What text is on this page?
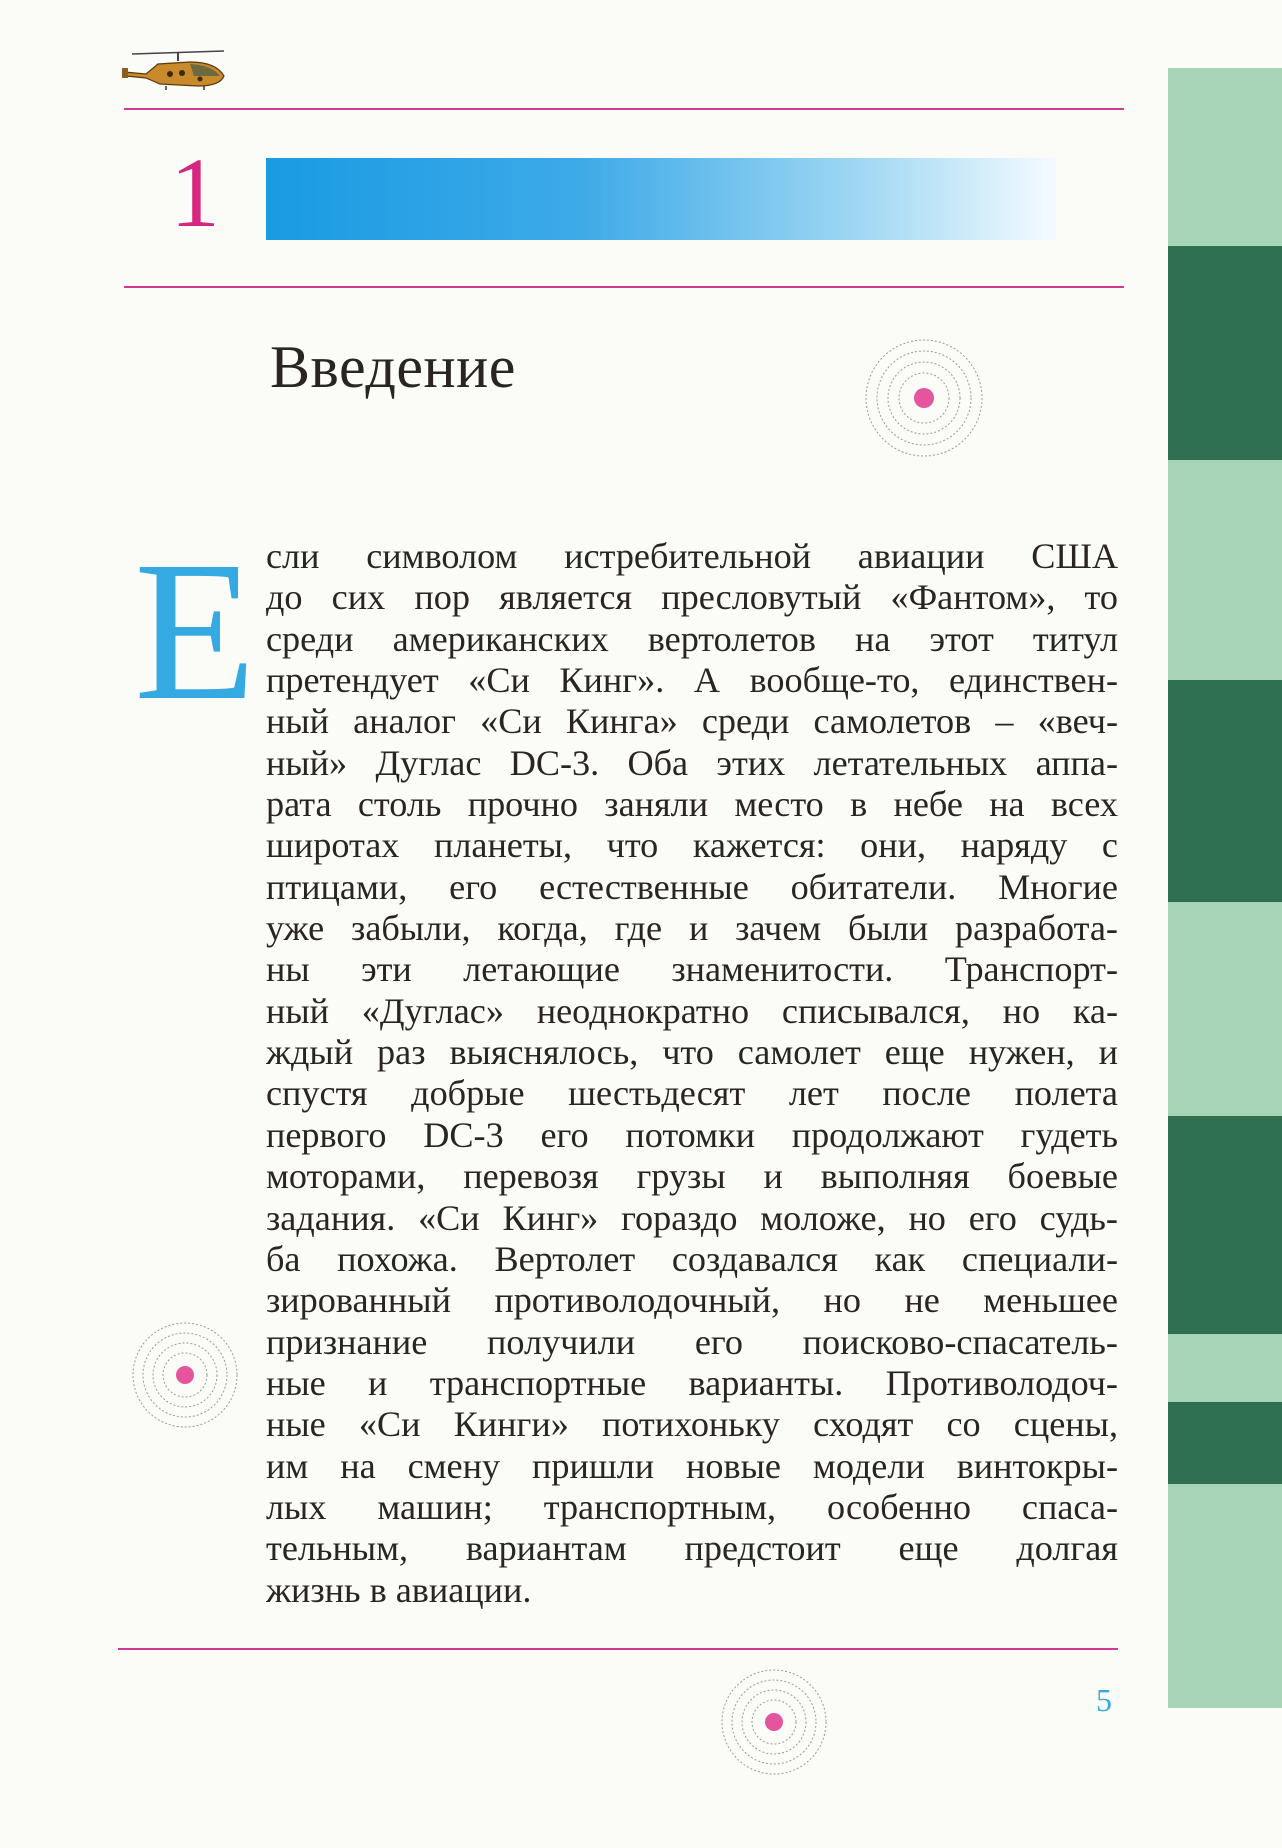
1
Введение
Е сли символом истребительной авиации США
до сих пор является пресловутый «Фантом», то
среди американских вертолетов на этот титул
претендует «Си Кинг». А вообще-то, единствен-
ный аналог «Си Кинга» среди самолетов – «веч-
ный» Дуглас DC-3. Оба этих летательных аппа-
рата столь прочно заняли место в небе на всех
широтах планеты, что кажется: они, наряду с
птицами, его естественные обитатели. Многие
уже забыли, когда, где и зачем были разработа-
ны эти летающие знаменитости. Транспорт-
ный «Дуглас» неоднократно списывался, но ка-
ждый раз выяснялось, что самолет еще нужен, и
спустя добрые шестьдесят лет после полета
первого DC-3 его потомки продолжают гудеть
моторами, перевозя грузы и выполняя боевые
задания. «Си Кинг» гораздо моложе, но его судь-
ба похожа. Вертолет создавался как специали-
зированный противолодочный, но не меньшее
признание получили его поисково-спасатель-
ные и транспортные варианты. Противолодоч-
ные «Си Кинги» потихоньку сходят со сцены,
им на смену пришли новые модели винтокры-
лых машин; транспортным, особенно спаса-
тельным, вариантам предстоит еще долгая
жизнь в авиации.
5
